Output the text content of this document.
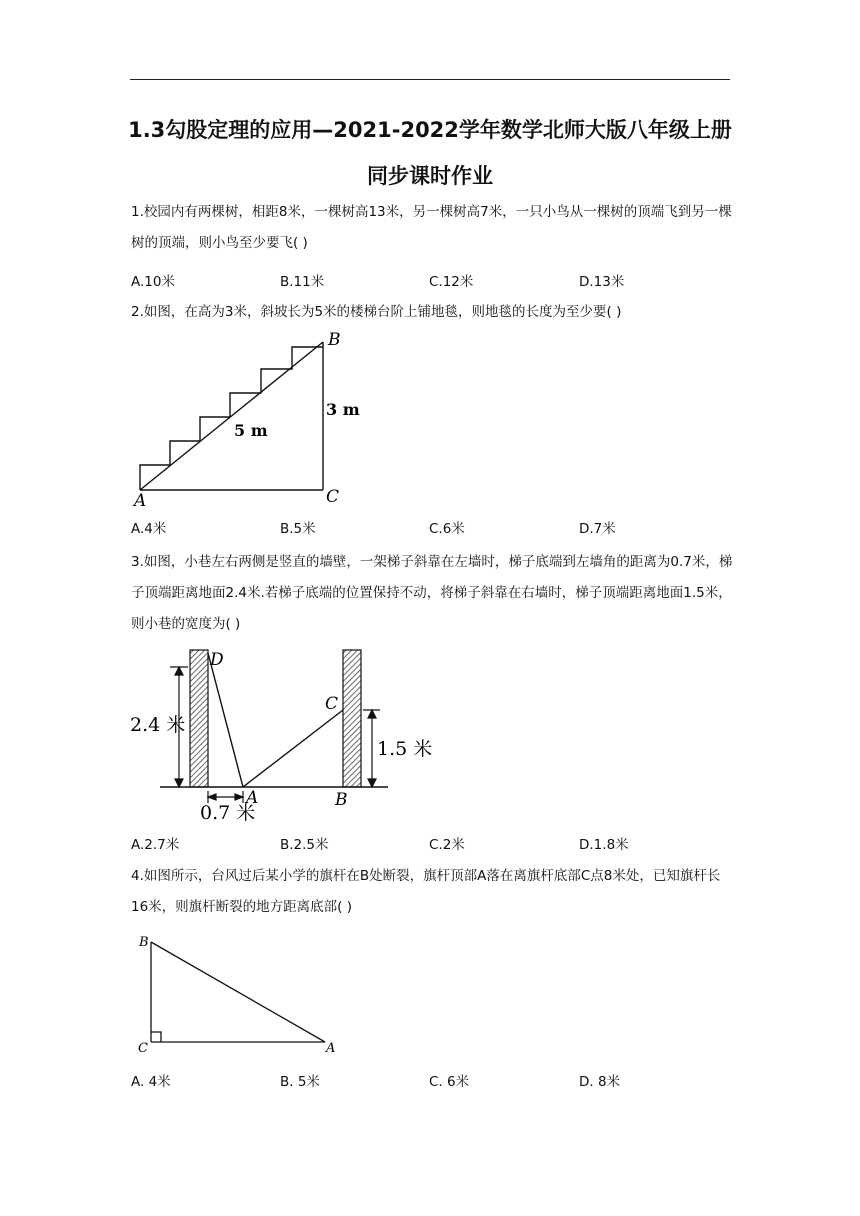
1.3勾股定理的应用—2021-2022学年数学北师大版八年级上册
同步课时作业
1.校园内有两棵树，相距8米，一棵树高13米，另一棵树高7米，一只小鸟从一棵树的顶端飞到另一棵树的顶端，则小鸟至少要飞( )
A.10米	B.11米	C.12米	D.13米
2.如图，在高为3米，斜坡长为5米的楼梯台阶上铺地毯，则地毯的长度为至少要( )
A
B
C
3 m
5 m
A.4米	B.5米	C.6米	D.7米
3.如图，小巷左右两侧是竖直的墙壁，一架梯子斜靠在左墙时，梯子底端到左墙角的距离为0.7米，梯子顶端距离地面2.4米.若梯子底端的位置保持不动，将梯子斜靠在右墙时，梯子顶端距离地面1.5米，则小巷的宽度为( )
D
A	B
C
2.4 米
1.5 米
0.7 米
A.2.7米	B.2.5米	C.2米	D.1.8米
4.如图所示，台风过后某小学的旗杆在B处断裂，旗杆顶部A落在离旗杆底部C点8米处，已知旗杆长16米，则旗杆断裂的地方距离底部( )
B
C	A
A. 4米	B. 5米	C. 6米	D. 8米
